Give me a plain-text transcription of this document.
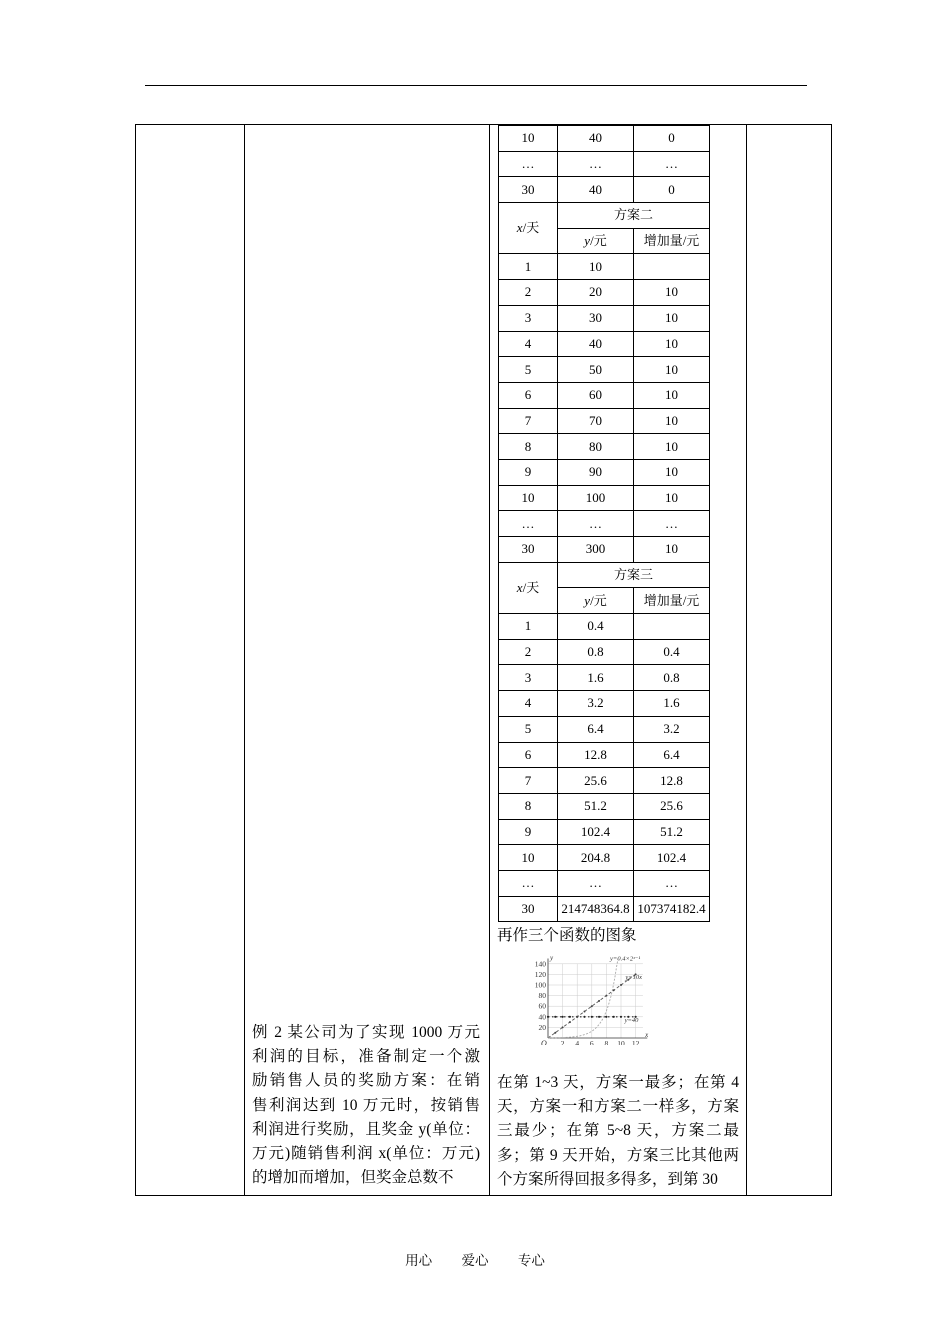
10	40	0
…	…	…
30	40	0
x/天	方案二	
	y/元	增加量/元
1	10	
2	20	10
3	30	10
4	40	10
5	50	10
6	60	10
7	70	10
8	80	10
9	90	10
10	100	10
…	…	…
30	300	10
x/天	方案三	
	y/元	增加量/元
1	0.4	
2	0.8	0.4
3	1.6	0.8
4	3.2	1.6
5	6.4	3.2
6	12.8	6.4
7	25.6	12.8
8	51.2	25.6
9	102.4	51.2
10	204.8	102.4
…	…	…
30	214748364.8	107374182.4
再作三个函数的图象
140
120
100
80
60
40
20
2 4 6 8 10 12
O
y
x
y=0.4×2ˣ⁻¹
y=10x
y=40
例 2 某公司为了实现 1000 万元
利润的目标，准备制定一个激
励销售人员的奖励方案：在销
售利润达到 10 万元时，按销售
利润进行奖励，且奖金 y(单位：
万元)随销售利润 x(单位：万元)
的增加而增加，但奖金总数不
在第 1~3 天，方案一最多；在第 4
天，方案一和方案二一样多，方案
三最少；在第 5~8 天，方案二最
多；第 9 天开始，方案三比其他两
个方案所得回报多得多，到第 30
用心 爱心 专心
